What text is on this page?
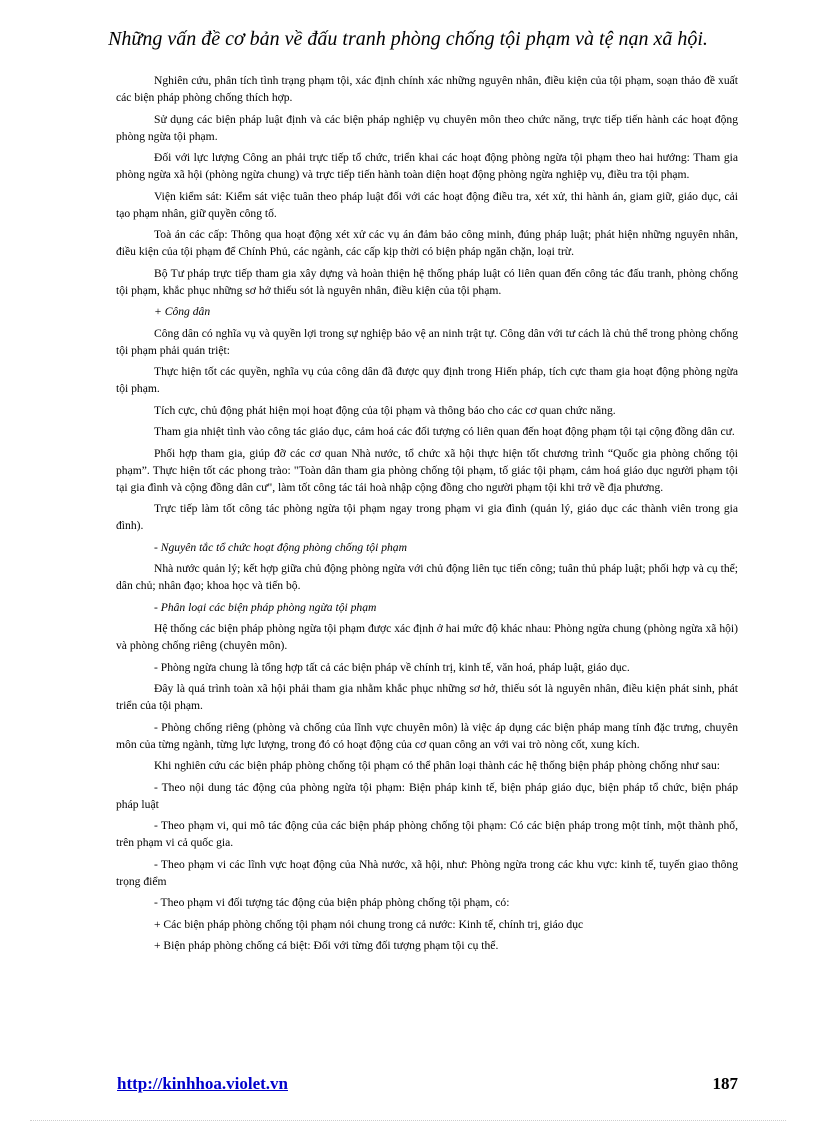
Những vấn đề cơ bản về đấu tranh phòng chống tội phạm và tệ nạn xã hội.

Nghiên cứu, phân tích tình trạng phạm tội, xác định chính xác những nguyên nhân, điều kiện của tội phạm, soạn thảo đề xuất các biện pháp phòng chống thích hợp.

Sử dụng các biện pháp luật định và các biện pháp nghiệp vụ chuyên môn theo chức năng, trực tiếp tiến hành các hoạt động phòng ngừa tội phạm.

Đối với lực lượng Công an phải trực tiếp tổ chức, triển khai các hoạt động phòng ngừa tội phạm theo hai hướng: Tham gia phòng ngừa xã hội (phòng ngừa chung) và trực tiếp tiến hành toàn diện hoạt động phòng ngừa nghiệp vụ, điều tra tội phạm.

Viện kiểm sát: Kiểm sát việc tuân theo pháp luật đối với các hoạt động điều tra, xét xử, thi hành án, giam giữ, giáo dục, cải tạo phạm nhân, giữ quyền công tố.

Toà án các cấp: Thông qua hoạt động xét xử các vụ án đảm bảo công minh, đúng pháp luật; phát hiện những nguyên nhân, điều kiện của tội phạm để Chính Phủ, các ngành, các cấp kịp thời có biện pháp ngăn chặn, loại trừ.

Bộ Tư pháp trực tiếp tham gia xây dựng và hoàn thiện hệ thống pháp luật có liên quan đến công tác đấu tranh, phòng chống tội phạm, khắc phục những sơ hở thiếu sót là nguyên nhân, điều kiện của tội phạm.

+ Công dân

Công dân có nghĩa vụ và quyền lợi trong sự nghiệp bảo vệ an ninh trật tự. Công dân với tư cách là chủ thể trong phòng chống tội phạm phải quán triệt:

Thực hiện tốt các quyền, nghĩa vụ của công dân đã được quy định trong Hiến pháp, tích cực tham gia hoạt động phòng ngừa tội phạm.

Tích cực, chủ động phát hiện mọi hoạt động của tội phạm và thông báo cho các cơ quan chức năng.

Tham gia nhiệt tình vào công tác giáo dục, cảm hoá các đối tượng có liên quan đến hoạt động phạm tội tại cộng đồng dân cư.

Phối hợp tham gia, giúp đỡ các cơ quan Nhà nước, tổ chức xã hội thực hiện tốt chương trình “Quốc gia phòng chống tội phạm”. Thực hiện tốt các phong trào: "Toàn dân tham gia phòng chống tội phạm, tố giác tội phạm, cảm hoá giáo dục người phạm tội tại gia đình và cộng đồng dân cư", làm tốt công tác tái hoà nhập cộng đồng cho người phạm tội khi trở về địa phương.

Trực tiếp làm tốt công tác phòng ngừa tội phạm ngay trong phạm vi gia đình (quản lý, giáo dục các thành viên trong gia đình).

- Nguyên tắc tổ chức hoạt động phòng chống tội phạm

Nhà nước quản lý; kết hợp giữa chủ động phòng ngừa với chủ động liên tục tiến công; tuân thủ pháp luật; phối hợp và cụ thể; dân chủ; nhân đạo; khoa học và tiến bộ.

- Phân loại các biện pháp phòng ngừa tội phạm

Hệ thống các biện pháp phòng ngừa tội phạm được xác định ở hai mức độ khác nhau: Phòng ngừa chung (phòng ngừa xã hội) và phòng chống riêng (chuyên môn).

- Phòng ngừa chung là tổng hợp tất cả các biện pháp về chính trị, kinh tế, văn hoá, pháp luật, giáo dục.

Đây là quá trình toàn xã hội phải tham gia nhằm khắc phục những sơ hở, thiếu sót là nguyên nhân, điều kiện phát sinh, phát triển của tội phạm.

- Phòng chống riêng (phòng và chống của lĩnh vực chuyên môn) là việc áp dụng các biện pháp mang tính đặc trưng, chuyên môn của từng ngành, từng lực lượng, trong đó có hoạt động của cơ quan công an với vai trò nòng cốt, xung kích.

Khi nghiên cứu các biện pháp phòng chống tội phạm có thể phân loại thành các hệ thống biện pháp phòng chống như sau:

- Theo nội dung tác động của phòng ngừa tội phạm: Biện pháp kinh tế, biện pháp giáo dục, biện pháp tổ chức, biện pháp pháp luật

- Theo phạm vi, qui mô tác động của các biện pháp phòng chống tội phạm: Có các biện pháp trong một tỉnh, một thành phố, trên phạm vi cả quốc gia.

- Theo phạm vi các lĩnh vực hoạt động của Nhà nước, xã hội, như: Phòng ngừa trong các khu vực: kinh tế, tuyến giao thông trọng điểm

- Theo phạm vi đối tượng tác động của biện pháp phòng chống tội phạm, có:

+ Các biện pháp phòng chống tội phạm nói chung trong cả nước: Kinh tế, chính trị, giáo dục

+ Biện pháp phòng chống cá biệt: Đối với từng đối tượng phạm tội cụ thể.

http://kinhhoa.violet.vn	187
